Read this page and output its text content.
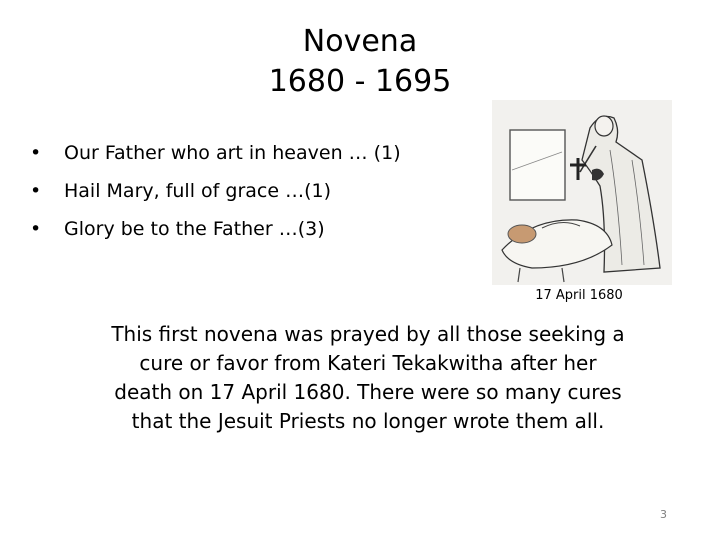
Novena
1680 - 1695
• Our Father who art in heaven … (1)
• Hail Mary, full of grace …(1)
• Glory be to the Father …(3)
17 April 1680
This first novena was prayed by all those seeking a
cure or favor from Kateri Tekakwitha after her
death on 17 April 1680. There were so many cures
that the Jesuit Priests no longer wrote them all.
3
